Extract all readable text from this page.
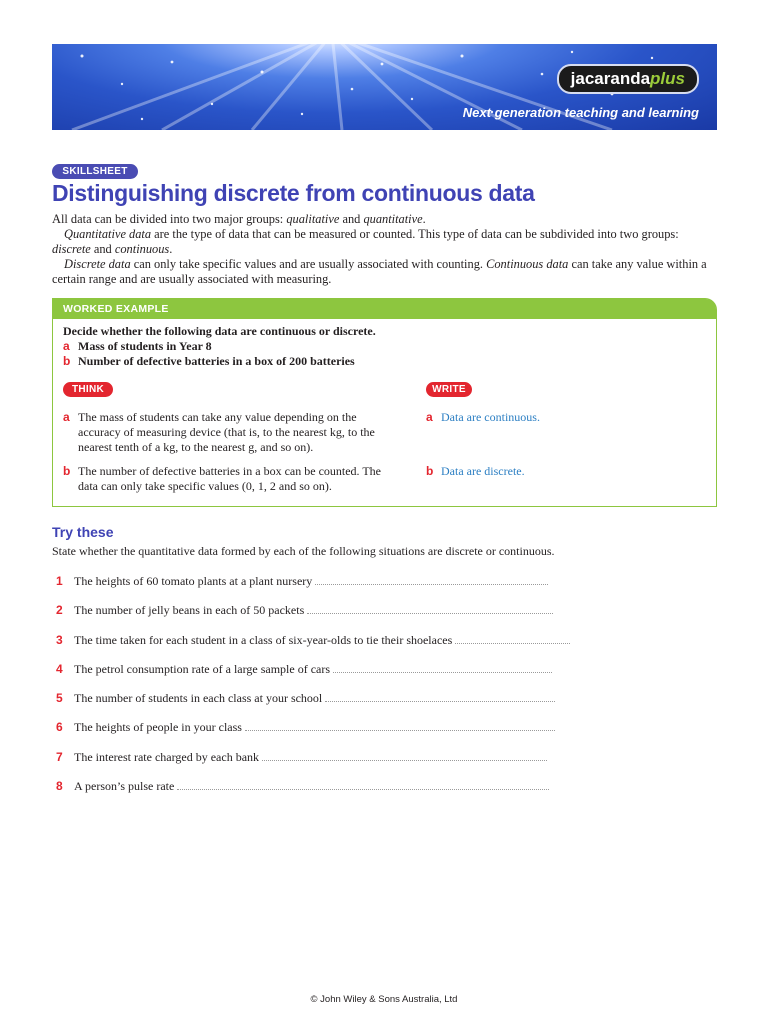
jacaranda plus
Next generation teaching and learning
SKILLSHEET
Distinguishing discrete from continuous data

All data can be divided into two major groups: qualitative and quantitative.

Quantitative data are the type of data that can be measured or counted. This type of data can be subdivided into two groups: discrete and continuous.

Discrete data can only take specific values and are usually associated with counting. Continuous data can take any value within a certain range and are usually associated with measuring.

WORKED EXAMPLE
Decide whether the following data are continuous or discrete.
a Mass of students in Year 8
b Number of defective batteries in a box of 200 batteries
THINK	WRITE
a The mass of students can take any value depending on the accuracy of measuring device (that is, to the nearest kg, to the nearest tenth of a kg, to the nearest g, and so on).
b The number of defective batteries in a box can be counted. The data can only take specific values (0, 1, 2 and so on).
a Data are continuous.
b Data are discrete.
Try these

State whether the quantitative data formed by each of the following situations are discrete or continuous.

1 The heights of 60 tomato plants at a plant nursery
2 The number of jelly beans in each of 50 packets
3 The time taken for each student in a class of six-year-olds to tie their shoelaces
4 The petrol consumption rate of a large sample of cars
5 The number of students in each class at your school
6 The heights of people in your class
7 The interest rate charged by each bank
8 A person’s pulse rate
© John Wiley & Sons Australia, Ltd
